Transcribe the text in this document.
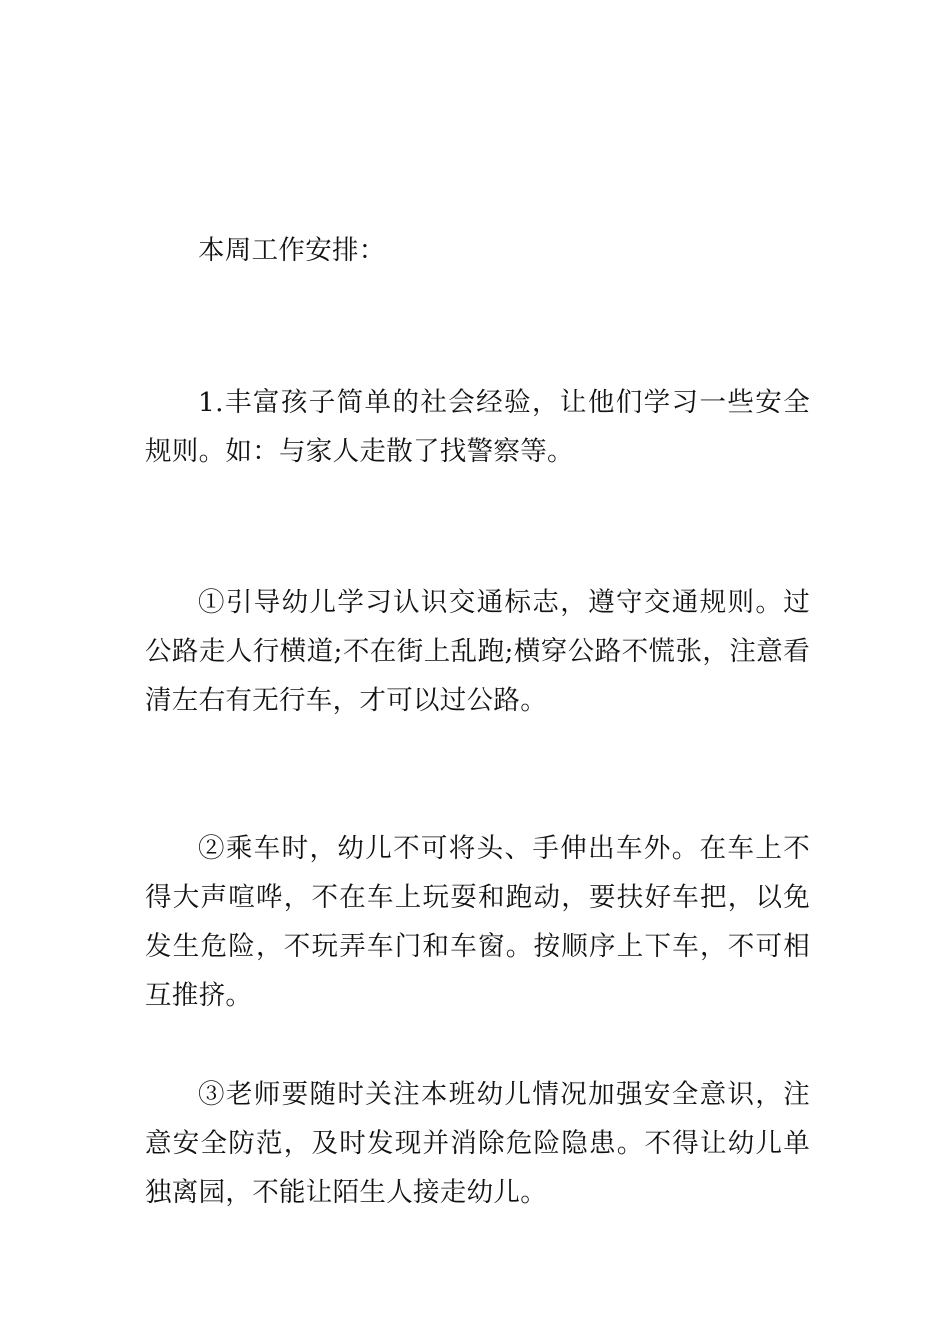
本周工作安排：

1.丰富孩子简单的社会经验，让他们学习一些安全规则。如：与家人走散了找警察等。

①引导幼儿学习认识交通标志，遵守交通规则。过公路走人行横道;不在街上乱跑;横穿公路不慌张，注意看清左右有无行车，才可以过公路。

②乘车时，幼儿不可将头、手伸出车外。在车上不得大声喧哗，不在车上玩耍和跑动，要扶好车把，以免发生危险，不玩弄车门和车窗。按顺序上下车，不可相互推挤。

③老师要随时关注本班幼儿情况加强安全意识，注意安全防范，及时发现并消除危险隐患。不得让幼儿单独离园，不能让陌生人接走幼儿。
